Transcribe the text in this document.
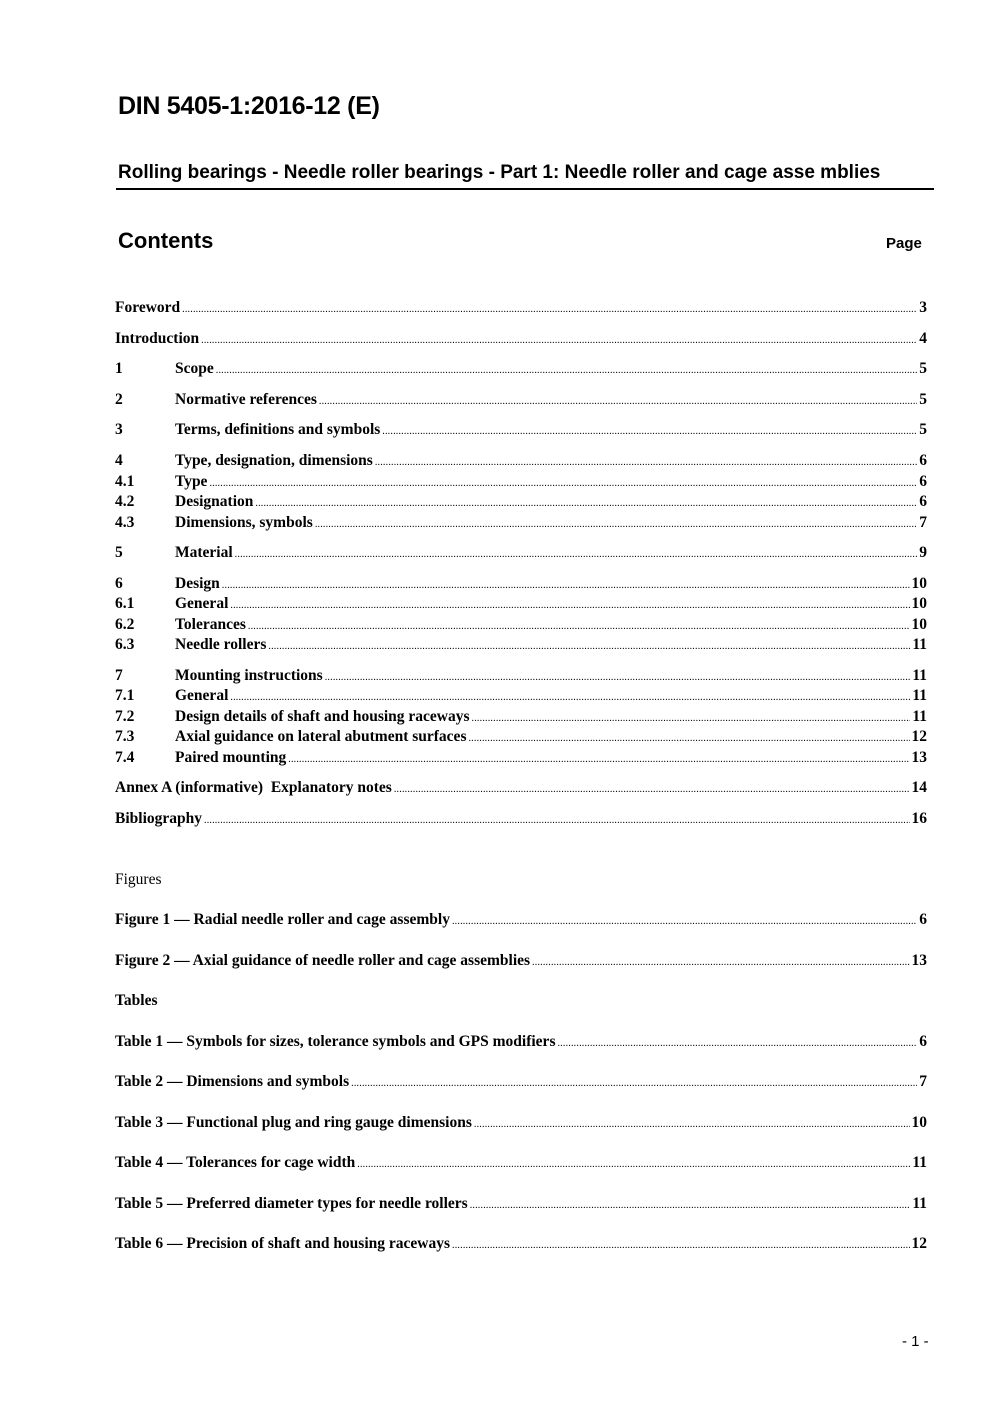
DIN 5405-1:2016-12 (E)
Rolling bearings - Needle roller bearings - Part 1: Needle roller and cage asse mblies
Contents	Page
Foreword .....	3
Introduction .....	4
1	Scope .....	5
2	Normative references .....	5
3	Terms, definitions and symbols .....	5
4	Type, designation, dimensions .....	6
4.1	Type .....	6
4.2	Designation .....	6
4.3	Dimensions, symbols .....	7
5	Material .....	9
6	Design .....	10
6.1	General .....	10
6.2	Tolerances .....	10
6.3	Needle rollers .....	11
7	Mounting instructions .....	11
7.1	General .....	11
7.2	Design details of shaft and housing raceways .....	11
7.3	Axial guidance on lateral abutment surfaces .....	12
7.4	Paired mounting .....	13
Annex A (informative)  Explanatory notes .....	14
Bibliography .....	16
Figures
Figure 1 — Radial needle roller and cage assembly .....	6
Figure 2 — Axial guidance of needle roller and cage assemblies .....	13
Tables
Table 1 — Symbols for sizes, tolerance symbols and GPS modifiers .....	6
Table 2 — Dimensions and symbols .....	7
Table 3 — Functional plug and ring gauge dimensions .....	10
Table 4 — Tolerances for cage width .....	11
Table 5 — Preferred diameter types for needle rollers .....	11
Table 6 — Precision of shaft and housing raceways .....	12
- 1 -
